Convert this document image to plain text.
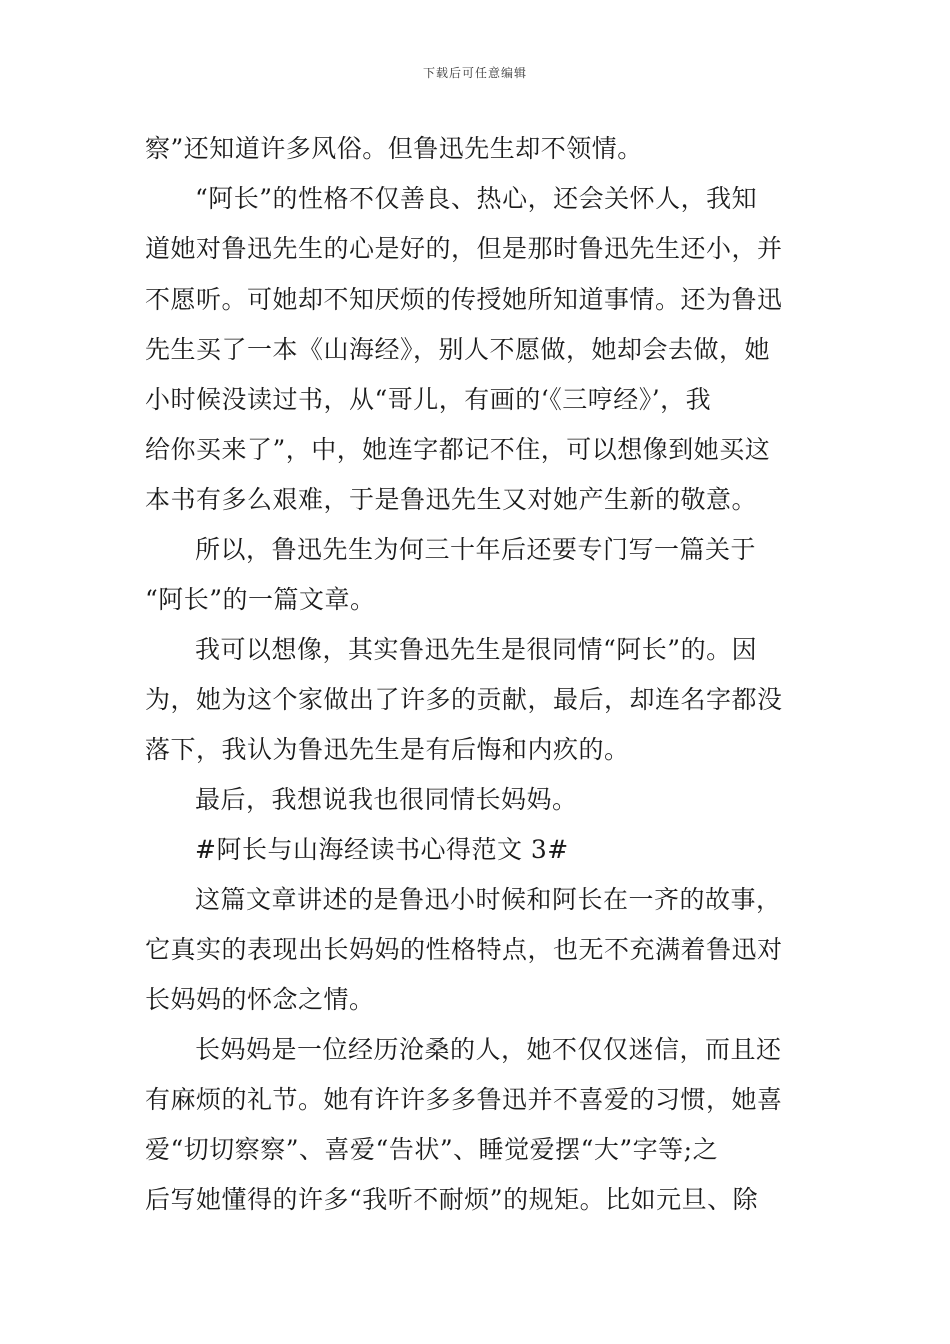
下载后可任意编辑
察”还知道许多风俗。但鲁迅先生却不领情。
“阿长”的性格不仅善良、热心，还会关怀人，我知
道她对鲁迅先生的心是好的，但是那时鲁迅先生还小，并
不愿听。可她却不知厌烦的传授她所知道事情。还为鲁迅
先生买了一本《山海经》，别人不愿做，她却会去做，她
小时候没读过书，从“哥儿，有画的‘《三哼经》’，我
给你买来了”，中，她连字都记不住，可以想像到她买这
本书有多么艰难，于是鲁迅先生又对她产生新的敬意。
所以，鲁迅先生为何三十年后还要专门写一篇关于
“阿长”的一篇文章。
我可以想像，其实鲁迅先生是很同情“阿长”的。因
为，她为这个家做出了许多的贡献，最后，却连名字都没
落下，我认为鲁迅先生是有后悔和内疚的。
最后，我想说我也很同情长妈妈。
#阿长与山海经读书心得范文 3#
这篇文章讲述的是鲁迅小时候和阿长在一齐的故事，
它真实的表现出长妈妈的性格特点，也无不充满着鲁迅对
长妈妈的怀念之情。
长妈妈是一位经历沧桑的人，她不仅仅迷信，而且还
有麻烦的礼节。她有许许多多鲁迅并不喜爱的习惯，她喜
爱“切切察察”、喜爱“告状”、睡觉爱摆“大”字等;之
后写她懂得的许多“我听不耐烦”的规矩。比如元旦、除
